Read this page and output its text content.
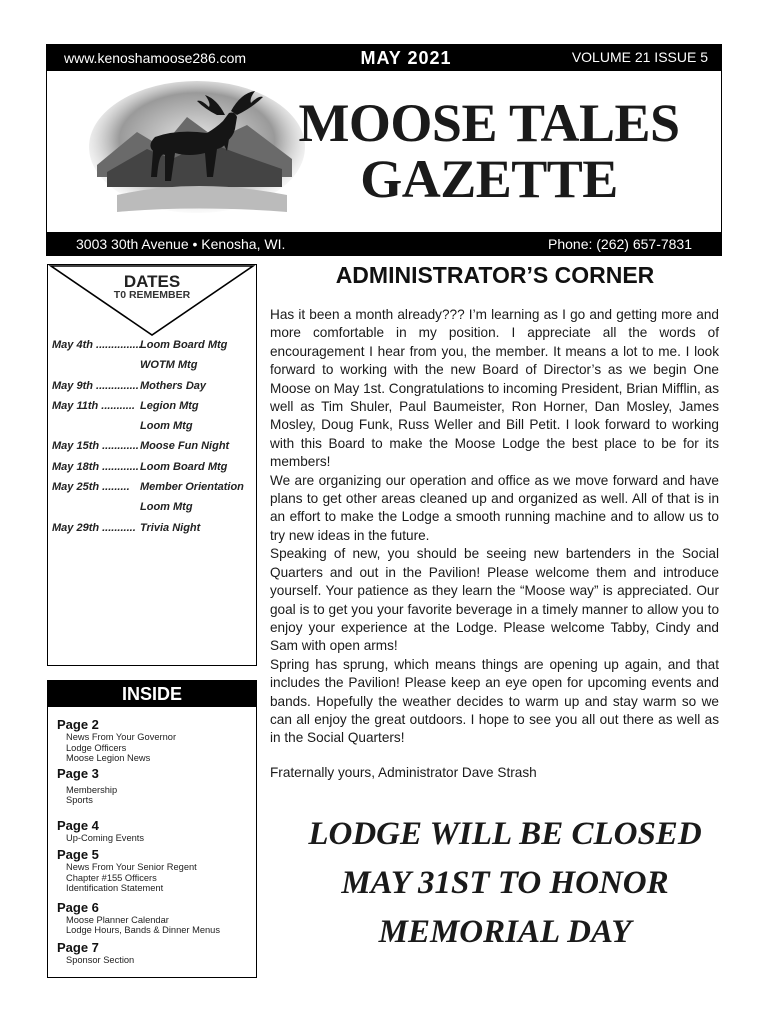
www.kenoshamoose286.com	MAY 2021	VOLUME 21 ISSUE 5
MOOSE TALES
GAZETTE
3003 30th Avenue • Kenosha, WI.	Phone: (262) 657-7831
DATES
T0 REMEMBER
May 4th ...............Loom Board Mtg
WOTM Mtg
May 9th ..............Mothers Day
May 11th ........... Legion Mtg
Loom Mtg
May 15th ............Moose Fun Night
May 18th ............Loom Board Mtg
May 25th ......... Member Orientation
Loom Mtg
May 29th ........... Trivia Night
INSIDE
Page 2
News From Your Governor
Lodge Officers
Moose Legion News
Page 3
Membership
Sports
Page 4
Up-Coming Events
Page 5
News From Your Senior Regent
Chapter #155 Officers
Identification Statement
Page 6
Moose Planner Calendar
Lodge Hours, Bands & Dinner Menus
Page 7
Sponsor Section
ADMINISTRATOR’S CORNER

Has it been a month already??? I’m learning as I go and getting more and more comfortable in my position. I appreciate all the words of encouragement I hear from you, the member. It means a lot to me. I look forward to working with the new Board of Director’s as we begin One Moose on May 1st. Congratulations to incoming President, Brian Mifflin, as well as Tim Shuler, Paul Baumeister, Ron Horner, Dan Mosley, James Mosley, Doug Funk, Russ Weller and Bill Petit. I look forward to working with this Board to make the Moose Lodge the best place to be for its members!

We are organizing our operation and office as we move forward and have plans to get other areas cleaned up and organized as well. All of that is in an effort to make the Lodge a smooth running machine and to allow us to try new ideas in the future.

Speaking of new, you should be seeing new bartenders in the Social Quarters and out in the Pavilion! Please welcome them and introduce yourself. Your patience as they learn the “Moose way” is appreciated. Our goal is to get you your favorite beverage in a timely manner to allow you to enjoy your experience at the Lodge. Please welcome Tabby, Cindy and Sam with open arms!

Spring has sprung, which means things are opening up again, and that includes the Pavilion! Please keep an eye open for upcoming events and bands. Hopefully the weather decides to warm up and stay warm so we can all enjoy the great outdoors. I hope to see you all out there as well as in the Social Quarters!

Fraternally yours, Administrator Dave Strash

LODGE WILL BE CLOSED
MAY 31ST TO HONOR
MEMORIAL DAY
